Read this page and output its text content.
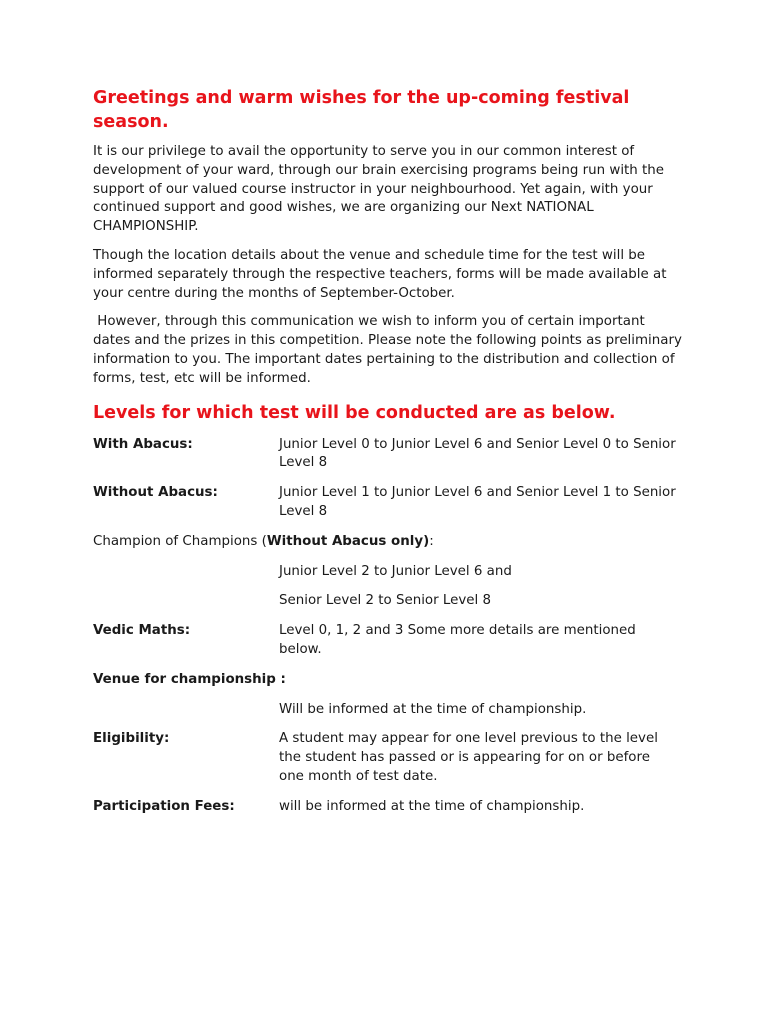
Greetings and warm wishes for the up-coming festival season.

It is our privilege to avail the opportunity to serve you in our common interest of development of your ward, through our brain exercising programs being run with the support of our valued course instructor in your neighbourhood. Yet again, with your continued support and good wishes, we are organizing our Next NATIONAL CHAMPIONSHIP.

Though the location details about the venue and schedule time for the test will be informed separately through the respective teachers, forms will be made available at your centre during the months of September-October.

However, through this communication we wish to inform you of certain important dates and the prizes in this competition. Please note the following points as preliminary information to you. The important dates pertaining to the distribution and collection of forms, test, etc will be informed.

Levels for which test will be conducted are as below.
With Abacus:	Junior Level 0 to Junior Level 6 and Senior Level 0 to Senior Level 8
Without Abacus:	Junior Level 1 to Junior Level 6 and Senior Level 1 to Senior Level 8
Champion of Champions (Without Abacus only):
Junior Level 2 to Junior Level 6 and
Senior Level 2 to Senior Level 8
Vedic Maths:	Level 0, 1, 2 and 3 Some more details are mentioned below.
Venue for championship :
Will be informed at the time of championship.
Eligibility:	A student may appear for one level previous to the level the student has passed or is appearing for on or before one month of test date.
Participation Fees:	will be informed at the time of championship.
